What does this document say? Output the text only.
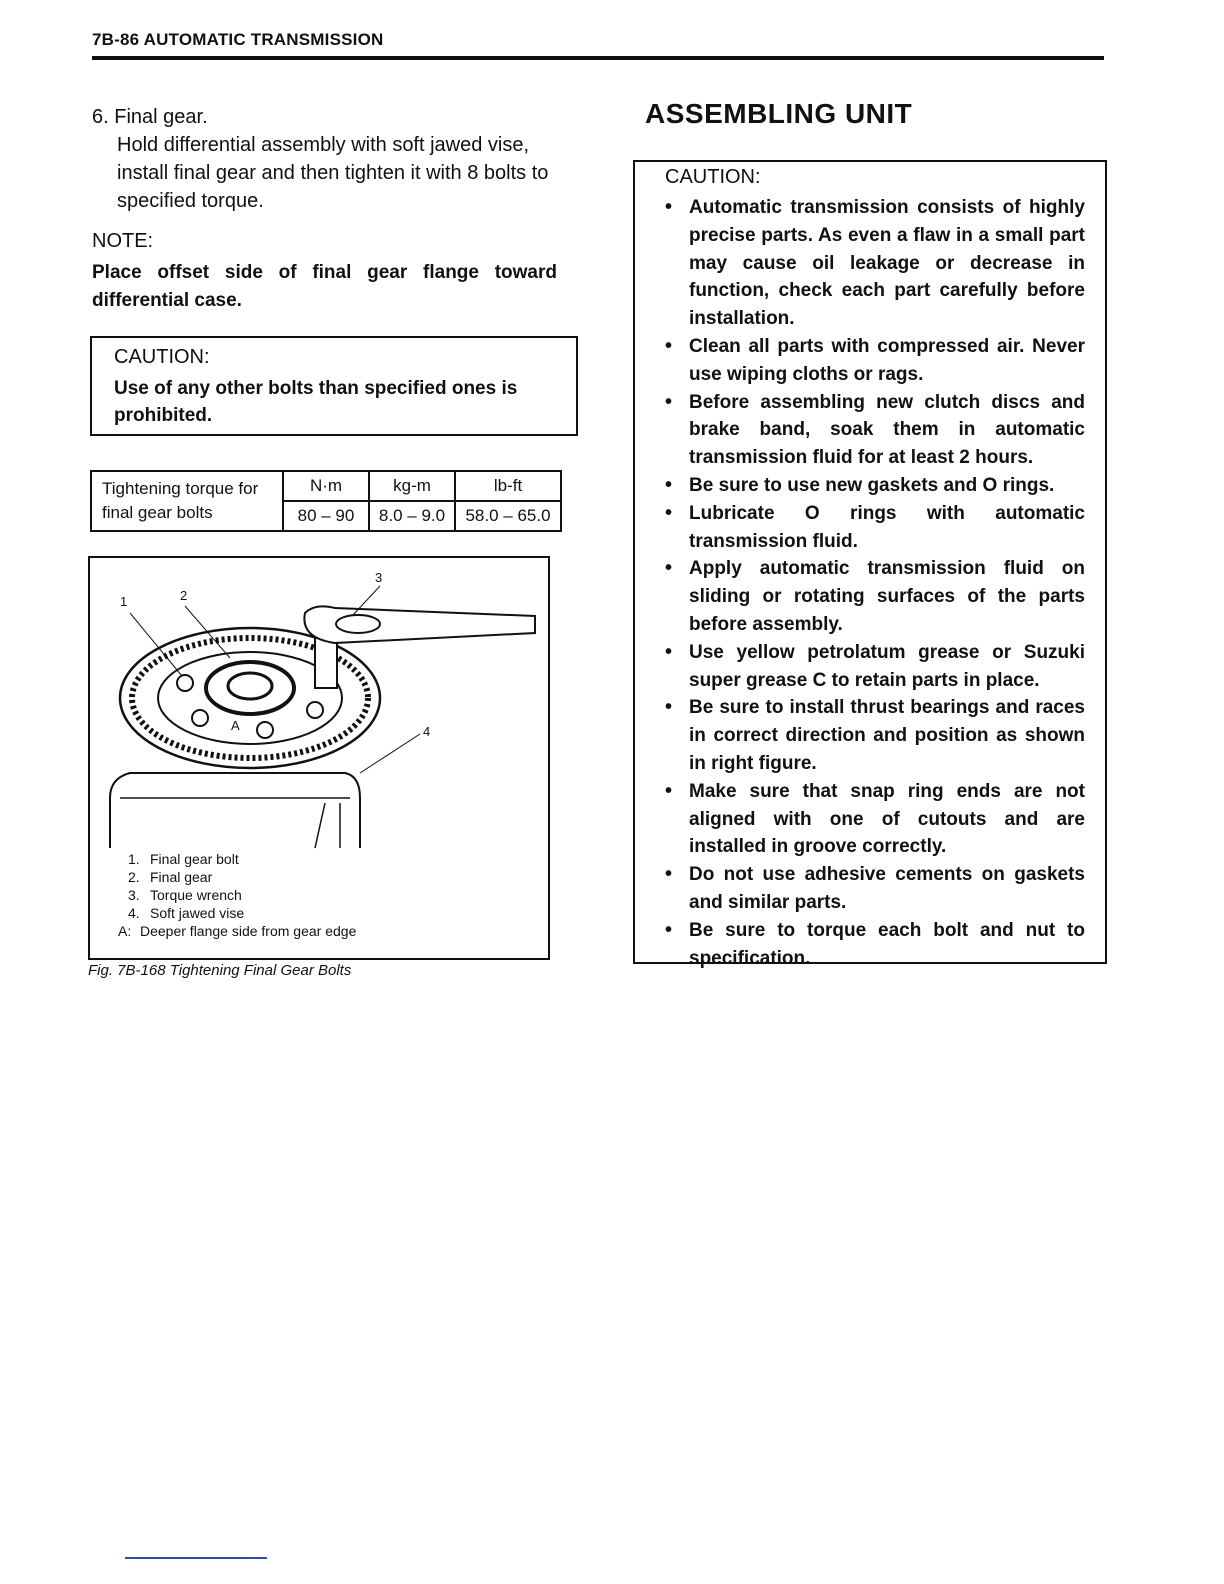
7B-86 AUTOMATIC TRANSMISSION
6. Final gear.
Hold differential assembly with soft jawed vise, install final gear and then tighten it with 8 bolts to specified torque.
NOTE:
Place offset side of final gear flange toward differential case.
CAUTION:
Use of any other bolts than specified ones is prohibited.
Tightening torque for final gear bolts	N·m	kg-m	lb-ft
	80 – 90	8.0 – 9.0	58.0 – 65.0
1	2
3
4
A
1. Final gear bolt
2. Final gear
3. Torque wrench
4. Soft jawed vise
A: Deeper flange side from gear edge
Fig. 7B-168 Tightening Final Gear Bolts
ASSEMBLING UNIT
CAUTION:
• Automatic transmission consists of highly precise parts. As even a flaw in a small part may cause oil leakage or decrease in function, check each part carefully before installation.
• Clean all parts with compressed air. Never use wiping cloths or rags.
• Before assembling new clutch discs and brake band, soak them in automatic transmission fluid for at least 2 hours.
• Be sure to use new gaskets and O rings.
• Lubricate O rings with automatic transmission fluid.
• Apply automatic transmission fluid on sliding or rotating surfaces of the parts before assembly.
• Use yellow petrolatum grease or Suzuki super grease C to retain parts in place.
• Be sure to install thrust bearings and races in correct direction and position as shown in right figure.
• Make sure that snap ring ends are not aligned with one of cutouts and are installed in groove correctly.
• Do not use adhesive cements on gaskets and similar parts.
• Be sure to torque each bolt and nut to specification.
